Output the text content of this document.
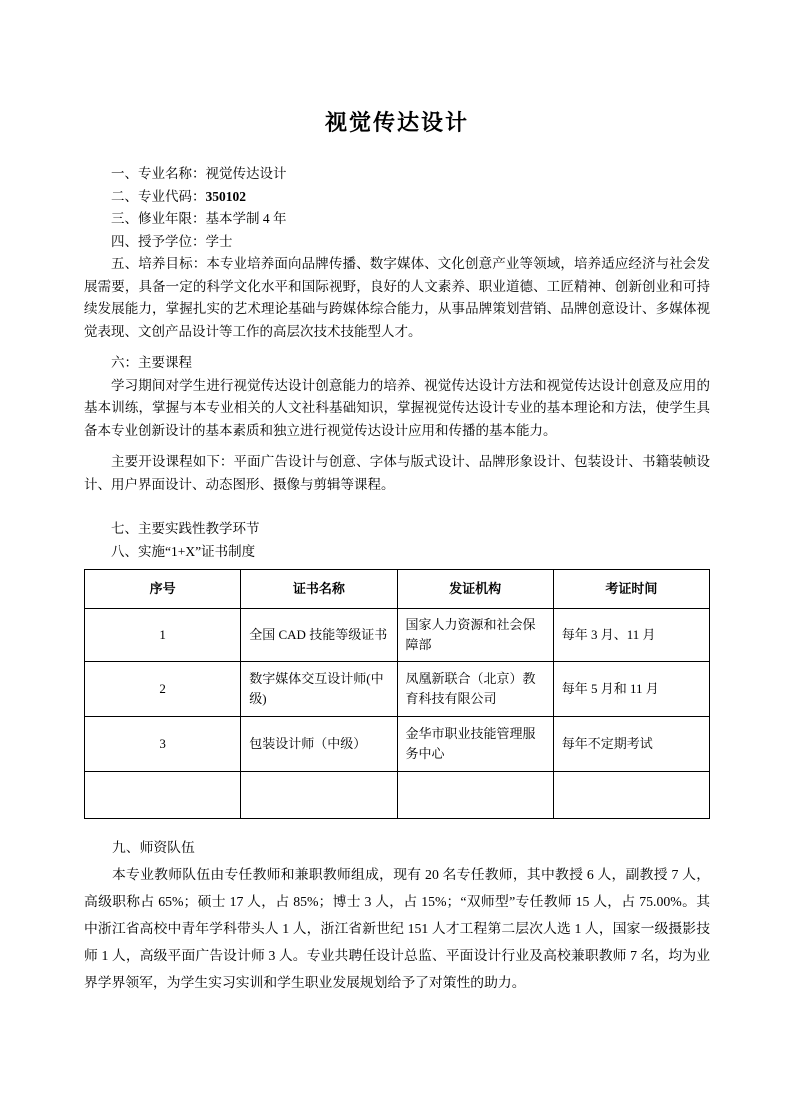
视觉传达设计

一、专业名称：视觉传达设计

二、专业代码：350102

三、修业年限：基本学制 4 年

四、授予学位：学士

五、培养目标：本专业培养面向品牌传播、数字媒体、文化创意产业等领域，培养适应经济与社会发展需要，具备一定的科学文化水平和国际视野，良好的人文素养、职业道德、工匠精神、创新创业和可持续发展能力，掌握扎实的艺术理论基础与跨媒体综合能力，从事品牌策划营销、品牌创意设计、多媒体视觉表现、文创产品设计等工作的高层次技术技能型人才。

六：主要课程

学习期间对学生进行视觉传达设计创意能力的培养、视觉传达设计方法和视觉传达设计创意及应用的基本训练，掌握与本专业相关的人文社科基础知识，掌握视觉传达设计专业的基本理论和方法，使学生具备本专业创新设计的基本素质和独立进行视觉传达设计应用和传播的基本能力。

主要开设课程如下：平面广告设计与创意、字体与版式设计、品牌形象设计、包装设计、书籍装帧设计、用户界面设计、动态图形、摄像与剪辑等课程。

七、主要实践性教学环节

八、实施“1+X”证书制度

序号	证书名称	发证机构	考证时间
1	全国 CAD 技能等级证书	国家人力资源和社会保障部	每年 3 月、11 月
2	数字媒体交互设计师(中级)	凤凰新联合（北京）教育科技有限公司	每年 5 月和 11 月
3	包装设计师（中级）	金华市职业技能管理服务中心	每年不定期考试

九、师资队伍

本专业教师队伍由专任教师和兼职教师组成，现有 20 名专任教师，其中教授 6 人，副教授 7 人，高级职称占 65%；硕士 17 人，占 85%；博士 3 人，占 15%；“双师型”专任教师 15 人，占 75.00%。其中浙江省高校中青年学科带头人 1 人，浙江省新世纪 151 人才工程第二层次人选 1 人，国家一级摄影技师 1 人，高级平面广告设计师 3 人。专业共聘任设计总监、平面设计行业及高校兼职教师 7 名，均为业界学界领军，为学生实习实训和学生职业发展规划给予了对策性的助力。
